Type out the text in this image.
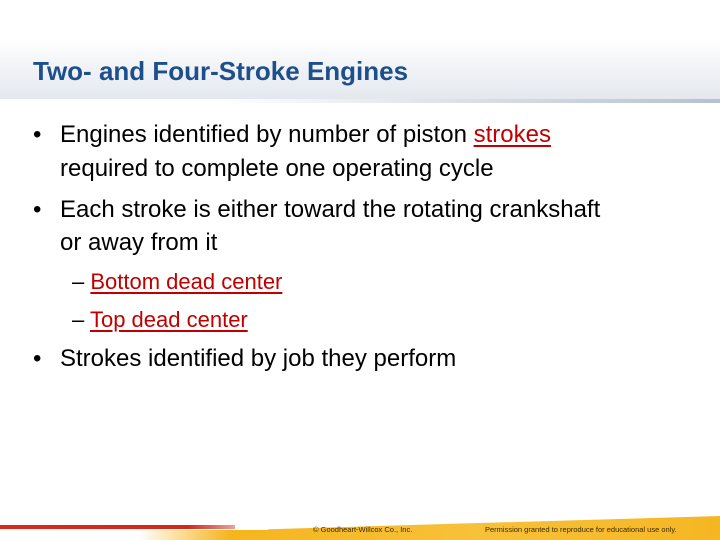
Two- and Four-Stroke Engines
• Engines identified by number of piston strokes
required to complete one operating cycle
• Each stroke is either toward the rotating crankshaft
or away from it
– Bottom dead center
– Top dead center
• Strokes identified by job they perform
© Goodheart-Willcox Co., Inc.	Permission granted to reproduce for educational use only.
